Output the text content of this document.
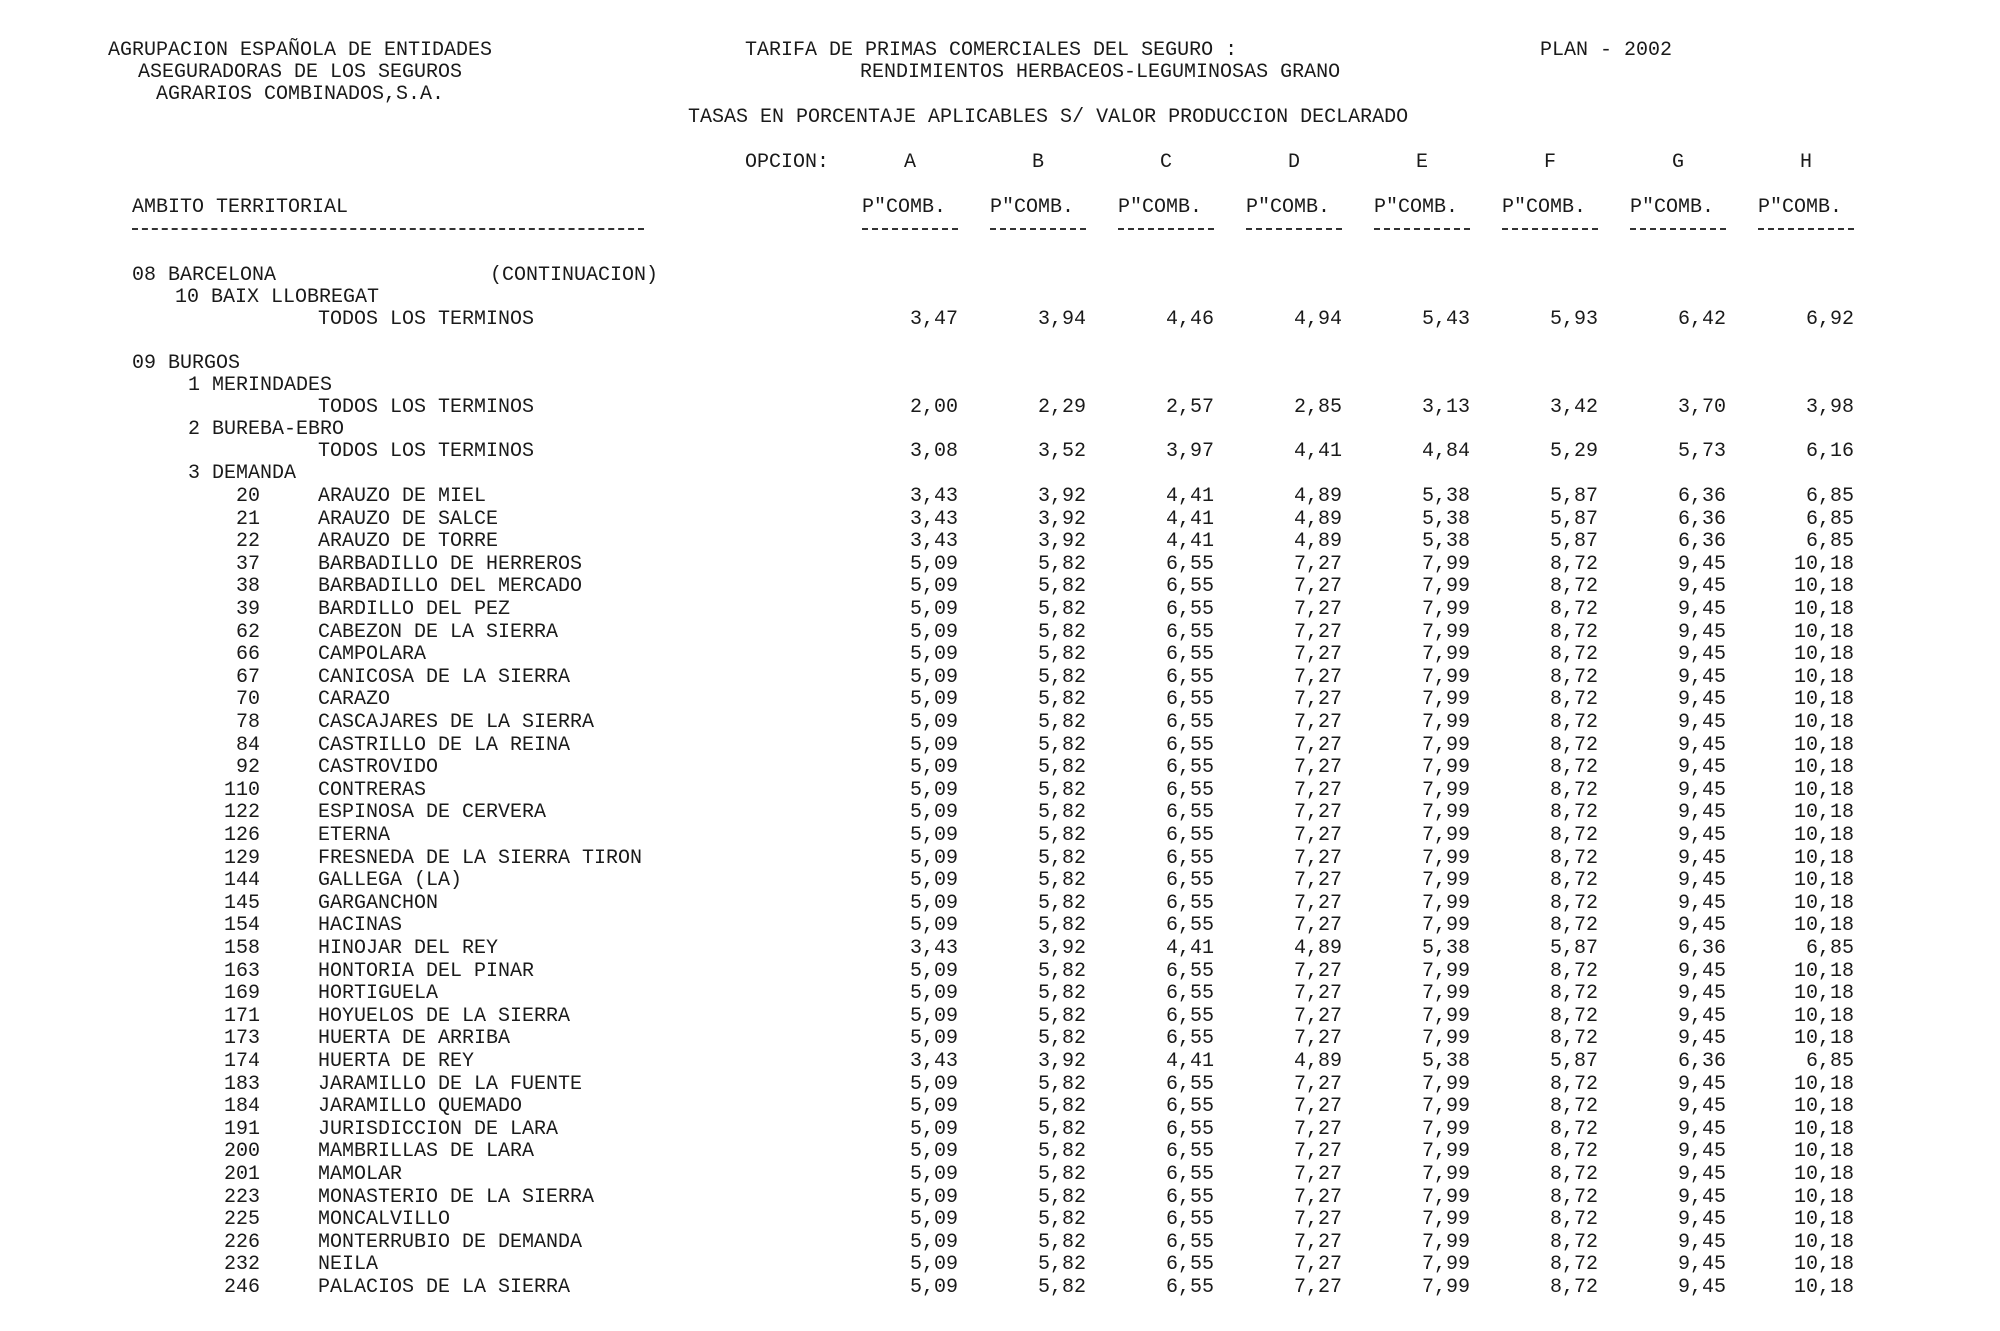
AGRUPACION ESPAÑOLA DE ENTIDADES
ASEGURADORAS DE LOS SEGUROS
AGRARIOS COMBINADOS,S.A.
TARIFA DE PRIMAS COMERCIALES DEL SEGURO :
RENDIMIENTOS HERBACEOS-LEGUMINOSAS GRANO
PLAN - 2002
TASAS EN PORCENTAJE APLICABLES S/ VALOR PRODUCCION DECLARADO
OPCION:	A	B	C	D	E	F	G	H
AMBITO TERRITORIAL	P"COMB. P"COMB. P"COMB. P"COMB. P"COMB. P"COMB. P"COMB. P"COMB.
08 BARCELONA	(CONTINUACION)
10 BAIX LLOBREGAT
TODOS LOS TERMINOS	3,47	3,94	4,46	4,94	5,43	5,93	6,42	6,92
09 BURGOS
1 MERINDADES
TODOS LOS TERMINOS	2,00	2,29	2,57	2,85	3,13	3,42	3,70	3,98
2 BUREBA-EBRO
TODOS LOS TERMINOS	3,08	3,52	3,97	4,41	4,84	5,29	5,73	6,16
3 DEMANDA
20	ARAUZO DE MIEL	3,43	3,92	4,41	4,89	5,38	5,87	6,36	6,85
21	ARAUZO DE SALCE	3,43	3,92	4,41	4,89	5,38	5,87	6,36	6,85
22	ARAUZO DE TORRE	3,43	3,92	4,41	4,89	5,38	5,87	6,36	6,85
37	BARBADILLO DE HERREROS	5,09	5,82	6,55	7,27	7,99	8,72	9,45	10,18
38	BARBADILLO DEL MERCADO	5,09	5,82	6,55	7,27	7,99	8,72	9,45	10,18
39	BARDILLO DEL PEZ	5,09	5,82	6,55	7,27	7,99	8,72	9,45	10,18
62	CABEZON DE LA SIERRA	5,09	5,82	6,55	7,27	7,99	8,72	9,45	10,18
66	CAMPOLARA	5,09	5,82	6,55	7,27	7,99	8,72	9,45	10,18
67	CANICOSA DE LA SIERRA	5,09	5,82	6,55	7,27	7,99	8,72	9,45	10,18
70	CARAZO	5,09	5,82	6,55	7,27	7,99	8,72	9,45	10,18
78	CASCAJARES DE LA SIERRA	5,09	5,82	6,55	7,27	7,99	8,72	9,45	10,18
84	CASTRILLO DE LA REINA	5,09	5,82	6,55	7,27	7,99	8,72	9,45	10,18
92	CASTROVIDO	5,09	5,82	6,55	7,27	7,99	8,72	9,45	10,18
110	CONTRERAS	5,09	5,82	6,55	7,27	7,99	8,72	9,45	10,18
122	ESPINOSA DE CERVERA	5,09	5,82	6,55	7,27	7,99	8,72	9,45	10,18
126	ETERNA	5,09	5,82	6,55	7,27	7,99	8,72	9,45	10,18
129	FRESNEDA DE LA SIERRA TIRON	5,09	5,82	6,55	7,27	7,99	8,72	9,45	10,18
144	GALLEGA (LA)	5,09	5,82	6,55	7,27	7,99	8,72	9,45	10,18
145	GARGANCHON	5,09	5,82	6,55	7,27	7,99	8,72	9,45	10,18
154	HACINAS	5,09	5,82	6,55	7,27	7,99	8,72	9,45	10,18
158	HINOJAR DEL REY	3,43	3,92	4,41	4,89	5,38	5,87	6,36	6,85
163	HONTORIA DEL PINAR	5,09	5,82	6,55	7,27	7,99	8,72	9,45	10,18
169	HORTIGUELA	5,09	5,82	6,55	7,27	7,99	8,72	9,45	10,18
171	HOYUELOS DE LA SIERRA	5,09	5,82	6,55	7,27	7,99	8,72	9,45	10,18
173	HUERTA DE ARRIBA	5,09	5,82	6,55	7,27	7,99	8,72	9,45	10,18
174	HUERTA DE REY	3,43	3,92	4,41	4,89	5,38	5,87	6,36	6,85
183	JARAMILLO DE LA FUENTE	5,09	5,82	6,55	7,27	7,99	8,72	9,45	10,18
184	JARAMILLO QUEMADO	5,09	5,82	6,55	7,27	7,99	8,72	9,45	10,18
191	JURISDICCION DE LARA	5,09	5,82	6,55	7,27	7,99	8,72	9,45	10,18
200	MAMBRILLAS DE LARA	5,09	5,82	6,55	7,27	7,99	8,72	9,45	10,18
201	MAMOLAR	5,09	5,82	6,55	7,27	7,99	8,72	9,45	10,18
223	MONASTERIO DE LA SIERRA	5,09	5,82	6,55	7,27	7,99	8,72	9,45	10,18
225	MONCALVILLO	5,09	5,82	6,55	7,27	7,99	8,72	9,45	10,18
226	MONTERRUBIO DE DEMANDA	5,09	5,82	6,55	7,27	7,99	8,72	9,45	10,18
232	NEILA	5,09	5,82	6,55	7,27	7,99	8,72	9,45	10,18
246	PALACIOS DE LA SIERRA	5,09	5,82	6,55	7,27	7,99	8,72	9,45	10,18
